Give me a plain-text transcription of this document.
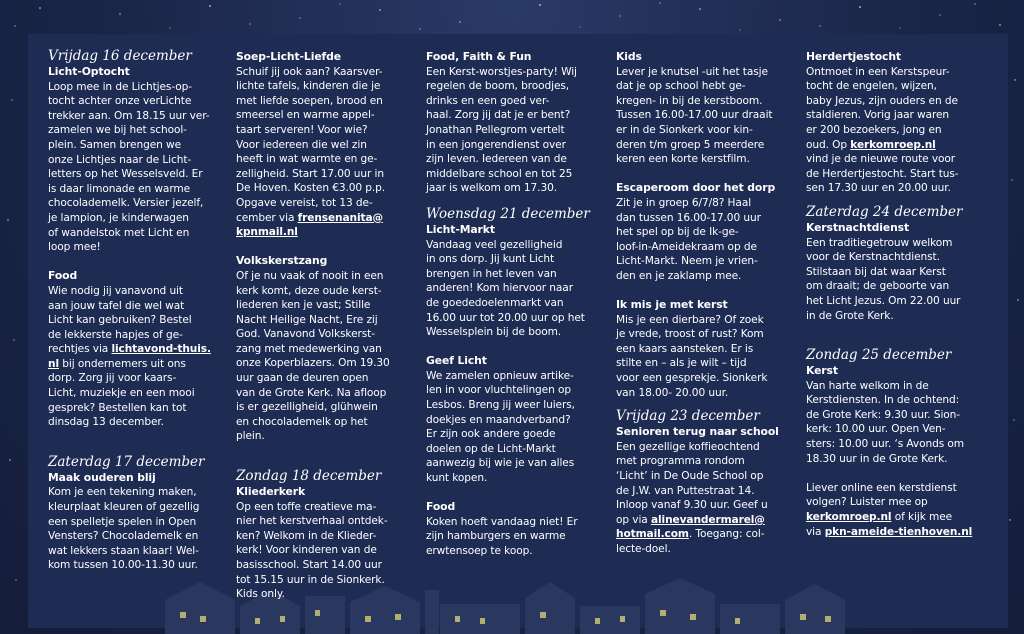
Vrijdag 16 december
Licht-Optocht
Loop mee in de Lichtjes-op-
tocht achter onze verLichte
trekker aan. Om 18.15 uur ver-
zamelen we bij het school-
plein. Samen brengen we
onze Lichtjes naar de Licht-
letters op het Wesselsveld. Er
is daar limonade en warme
chocolademelk. Versier jezelf,
je lampion, je kinderwagen
of wandelstok met Licht en
loop mee!
Food
Wie nodig jij vanavond uit
aan jouw tafel die wel wat
Licht kan gebruiken? Bestel
de lekkerste hapjes of ge-
rechtjes via lichtavond-thuis.
nl bij ondernemers uit ons
dorp. Zorg jij voor kaars-
Licht, muziekje en een mooi
gesprek? Bestellen kan tot
dinsdag 13 december.
Zaterdag 17 december
Maak ouderen blij
Kom je een tekening maken,
kleurplaat kleuren of gezellig
een spelletje spelen in Open
Vensters? Chocolademelk en
wat lekkers staan klaar! Wel-
kom tussen 10.00-11.30 uur.
Soep-Licht-Liefde
Schuif jij ook aan? Kaarsver-
lichte tafels, kinderen die je
met liefde soepen, brood en
smeersel en warme appel-
taart serveren! Voor wie?
Voor iedereen die wel zin
heeft in wat warmte en ge-
zelligheid. Start 17.00 uur in
De Hoven. Kosten €3.00 p.p.
Opgave vereist, tot 13 de-
cember via frensenanita@
kpnmail.nl
Volkskerstzang
Of je nu vaak of nooit in een
kerk komt, deze oude kerst-
liederen ken je vast; Stille
Nacht Heilige Nacht, Ere zij
God. Vanavond Volkskerst-
zang met medewerking van
onze Koperblazers. Om 19.30
uur gaan de deuren open
van de Grote Kerk. Na afloop
is er gezelligheid, glühwein
en chocolademelk op het
plein.
Zondag 18 december
Kliederkerk
Op een toffe creatieve ma-
nier het kerstverhaal ontdek-
ken? Welkom in de Klieder-
kerk! Voor kinderen van de
basisschool. Start 14.00 uur
tot 15.15 uur in de Sionkerk.
Kids only.
Food, Faith & Fun
Een Kerst-worstjes-party! Wij
regelen de boom, broodjes,
drinks en een goed ver-
haal. Zorg jij dat je er bent?
Jonathan Pellegrom vertelt
in een jongerendienst over
zijn leven. Iedereen van de
middelbare school en tot 25
jaar is welkom om 17.30.
Woensdag 21 december
Licht-Markt
Vandaag veel gezelligheid
in ons dorp. Jij kunt Licht
brengen in het leven van
anderen! Kom hiervoor naar
de goededoelenmarkt van
16.00 uur tot 20.00 uur op het
Wesselsplein bij de boom.
Geef Licht
We zamelen opnieuw artike-
len in voor vluchtelingen op
Lesbos. Breng jij weer luiers,
doekjes en maandverband?
Er zijn ook andere goede
doelen op de Licht-Markt
aanwezig bij wie je van alles
kunt kopen.
Food
Koken hoeft vandaag niet! Er
zijn hamburgers en warme
erwtensoep te koop.
Kids
Lever je knutsel -uit het tasje
dat je op school hebt ge-
kregen- in bij de kerstboom.
Tussen 16.00-17.00 uur draait
er in de Sionkerk voor kin-
deren t/m groep 5 meerdere
keren een korte kerstfilm.
Escaperoom door het dorp
Zit je in groep 6/7/8? Haal
dan tussen 16.00-17.00 uur
het spel op bij de Ik-ge-
loof-in-Ameidekraam op de
Licht-Markt. Neem je vrien-
den en je zaklamp mee.
Ik mis je met kerst
Mis je een dierbare? Of zoek
je vrede, troost of rust? Kom
een kaars aansteken. Er is
stilte en – als je wilt – tijd
voor een gesprekje. Sionkerk
van 18.00- 20.00 uur.
Vrijdag 23 december
Senioren terug naar school
Een gezellige koffieochtend
met programma rondom
‘Licht’ in De Oude School op
de J.W. van Puttestraat 14.
Inloop vanaf 9.30 uur. Geef u
op via alinevandermarel@
hotmail.com. Toegang: col-
lecte-doel.
Herdertjestocht
Ontmoet in een Kerstspeur-
tocht de engelen, wijzen,
baby Jezus, zijn ouders en de
staldieren. Vorig jaar waren
er 200 bezoekers, jong en
oud. Op kerkomroep.nl
vind je de nieuwe route voor
de Herdertjestocht. Start tus-
sen 17.30 uur en 20.00 uur.
Zaterdag 24 december
Kerstnachtdienst
Een traditiegetrouw welkom
voor de Kerstnachtdienst.
Stilstaan bij dat waar Kerst
om draait; de geboorte van
het Licht Jezus. Om 22.00 uur
in de Grote Kerk.
Zondag 25 december
Kerst
Van harte welkom in de
Kerstdiensten. In de ochtend:
de Grote Kerk: 9.30 uur. Sion-
kerk: 10.00 uur. Open Ven-
sters: 10.00 uur. ‘s Avonds om
18.30 uur in de Grote Kerk.
Liever online een kerstdienst
volgen? Luister mee op
kerkomroep.nl of kijk mee
via pkn-ameide-tienhoven.nl
